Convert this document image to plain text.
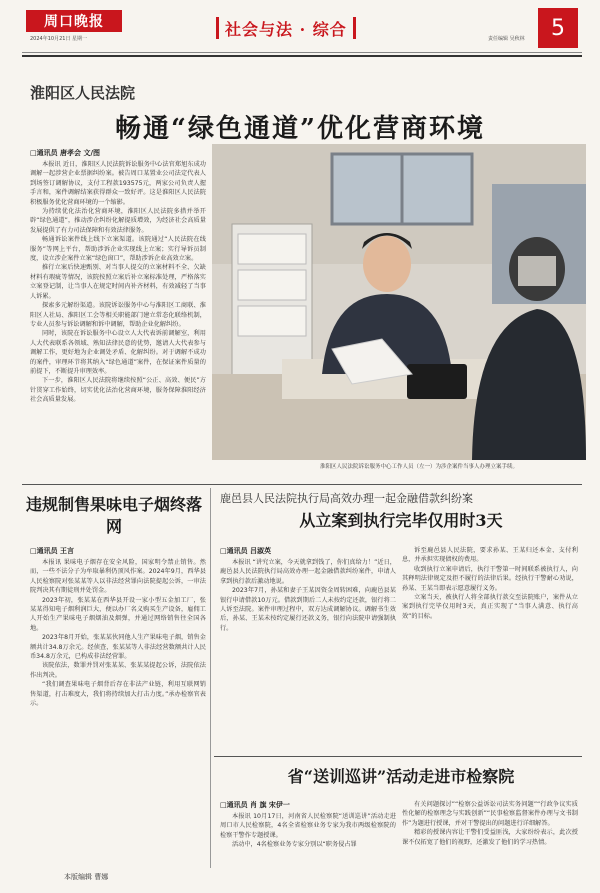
周口晚报
2024年10月21日 星期一
社会与法 · 综合
责任编辑 吴秋林	5
淮阳区人民法院
畅通“绿色通道”优化营商环境
□通讯员 唐孝会 文/图

本报讯 近日，淮阳区人民法院诉讼服务中心法官郑旭东成功调解一起涉营企业票据纠纷案。被告周口某置业公司法定代表人到场签订调解协议，支付工程款193575元，两家公司负责人握手言和，案件调解结案获得群众一致好评。这是淮阳区人民法院积极服务优化营商环境的一个缩影。

为持续优化法治化营商环境，淮阳区人民法院多措并举开辟“绿色通道”，推动涉企纠纷化解提质增效，为经济社会高质量发展提供了有力司法保障和有效法律服务。

畅通诉讼案件线上线下立案渠道。该院通过“人民法院在线服务”等网上平台，帮助涉诉企业实现线上立案；实行导诉员制度，设立涉企案件立案“绿色窗口”，帮助涉诉企业高效立案。

推行立案后快速甄别、对当事人提交的立案材料不全、欠缺材料有瑕疵等情况，该院按照立案后补立案标准处理，严格落实立案登记制，让当事人在规定时间内补齐材料，有效减轻了当事人诉累。

探索多元解纷渠道。该院诉讼服务中心与淮阳区工商联、淮阳区人社局、淮阳区工会等相关职能部门建立常态化联络机制，专业人员参与诉讼调解和诉中调解，帮助企业化解纠纷。

同时，该院在诉讼服务中心设立人大代表诉前调解室，利用人大代表联系各领域、熟知法律民意的优势，邀请人大代表参与调解工作，更好地为企业调处矛盾、化解纠纷。对于调解不成功的案件，审理环节将其纳入“绿色通道”案件，在保证案件质量的前提下，不断提升审理效率。

下一步，淮阳区人民法院将继续按照“公正、高效、便民”方针贯穿工作始终，切实优化法治化营商环境，服务保障淮阳经济社会高质量发展。

淮阳区人民法院诉讼服务中心工作人员（左一）为涉企案件当事人办理立案手续。
违规制售果味电子烟终落网
□通讯员 王言

本报讯 果味电子烟存在安全风险，国家明令禁止销售。然而，一些不法分子为牟取暴利仍顶风作案。2024年9月，西华县人民检察院对张某某等人以非法经营罪向法院提起公诉，一审法院判决其有期徒刑并处罚金。

2023年初，张某某在西华县开设一家小型五金加工厂，张某某得知电子烟利润巨大，便以办厂名义购买生产设备，雇佣工人开始生产果味电子烟烟油及烟弹，并通过网络销售往全国各地。

2023年8月开始，张某某伙同他人生产果味电子烟，销售金额共计34.8万余元。经侦查，张某某等人非法经营数额共计人民币34.8万余元，已构成非法经营罪。

该院依法，数罪并罚对张某某、张某某提起公诉，法院依法作出判决。

“我们调查果味电子烟背后存在非法产业链，利用互联网销售渠道，打击难度大，我们将持续加大打击力度。”承办检察官表示。

鹿邑县人民法院执行局高效办理一起金融借款纠纷案
从立案到执行完毕仅用时3天
□通讯员 吕淑英

本报讯 “讲究立案，今天就拿到钱了，你们真给力！”近日，鹿邑县人民法院执行局高效办理一起金融借款纠纷案件，申请人拿到执行款后激动地说。

2023年7月，孙某和妻子王某因资金周转困难，向鹿邑县某银行申请借款10万元。借款到期后二人未按约定还款，银行将二人诉至法院。案件审理过程中，双方达成调解协议。调解书生效后，孙某、王某未按约定履行还款义务，银行向法院申请强制执行。

诉至鹿邑县人民法院，要求孙某、王某归还本金、支付利息，并承担实现债权的费用。

收到执行立案申请后，执行干警第一时间联系被执行人，向其释明法律规定及拒不履行的法律后果。经执行干警耐心劝说，孙某、王某当即表示愿意履行义务。

立案当天，被执行人将全部执行款交至法院账户，案件从立案到执行完毕仅用时3天，真正实现了“当事人满意、执行高效”的目标。

省“送训巡讲”活动走进市检察院
□通讯员 肖 旗 宋伊一

本报讯 10月17日，河南省人民检察院“送训巡讲”活动走进周口市人民检察院，4名全省检察业务专家为我市两级检察院的检察干警作专题授课。

活动中，4名检察业务专家分别以“职务侵占罪

有关问题探讨”“检察公益诉讼司法实务问题”“行政争议实质性化解的检察理念与实践创新”“民事检察监督案件办理与文书制作”为题进行授课，并对干警提出的问题进行详细解答。

精彩的授课内容让干警们受益匪浅，大家纷纷表示，此次授课不仅拓宽了他们的视野，还激发了他们的学习热情。

本版编辑 曹娜
